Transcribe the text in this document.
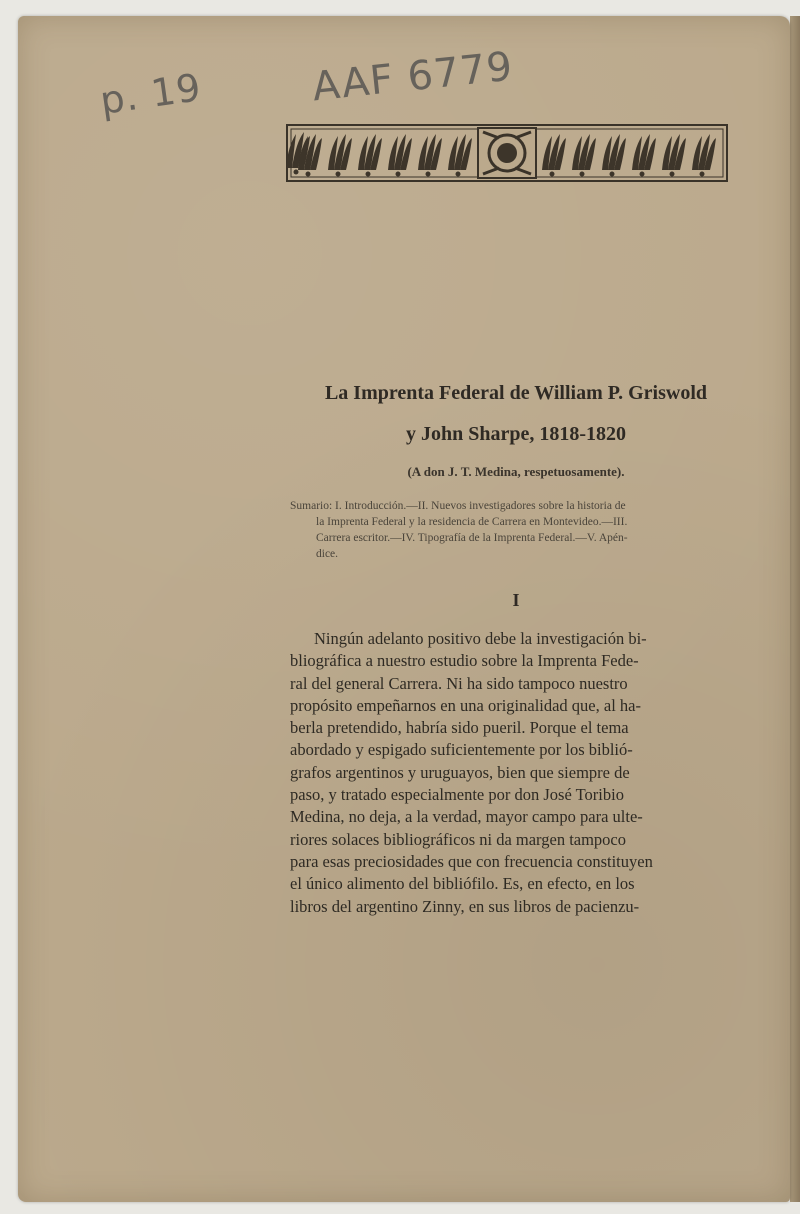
p. 19	AAF 6779
La Imprenta Federal de William P. Griswold
y John Sharpe, 1818-1820
(A don J. T. Medina, respetuosamente).
Sumario: I. Introducción.—II. Nuevos investigadores sobre la historia de
la Imprenta Federal y la residencia de Carrera en Montevideo.—III.
Carrera escritor.—IV. Tipografía de la Imprenta Federal.—V. Apén-
dice.
I
Ningún adelanto positivo debe la investigación bi-
bliográfica a nuestro estudio sobre la Imprenta Fede-
ral del general Carrera. Ni ha sido tampoco nuestro
propósito empeñarnos en una originalidad que, al ha-
berla pretendido, habría sido pueril. Porque el tema
abordado y espigado suficientemente por los biblió-
grafos argentinos y uruguayos, bien que siempre de
paso, y tratado especialmente por don José Toribio
Medina, no deja, a la verdad, mayor campo para ulte-
riores solaces bibliográficos ni da margen tampoco
para esas preciosidades que con frecuencia constituyen
el único alimento del bibliófilo. Es, en efecto, en los
libros del argentino Zinny, en sus libros de pacienzu-
